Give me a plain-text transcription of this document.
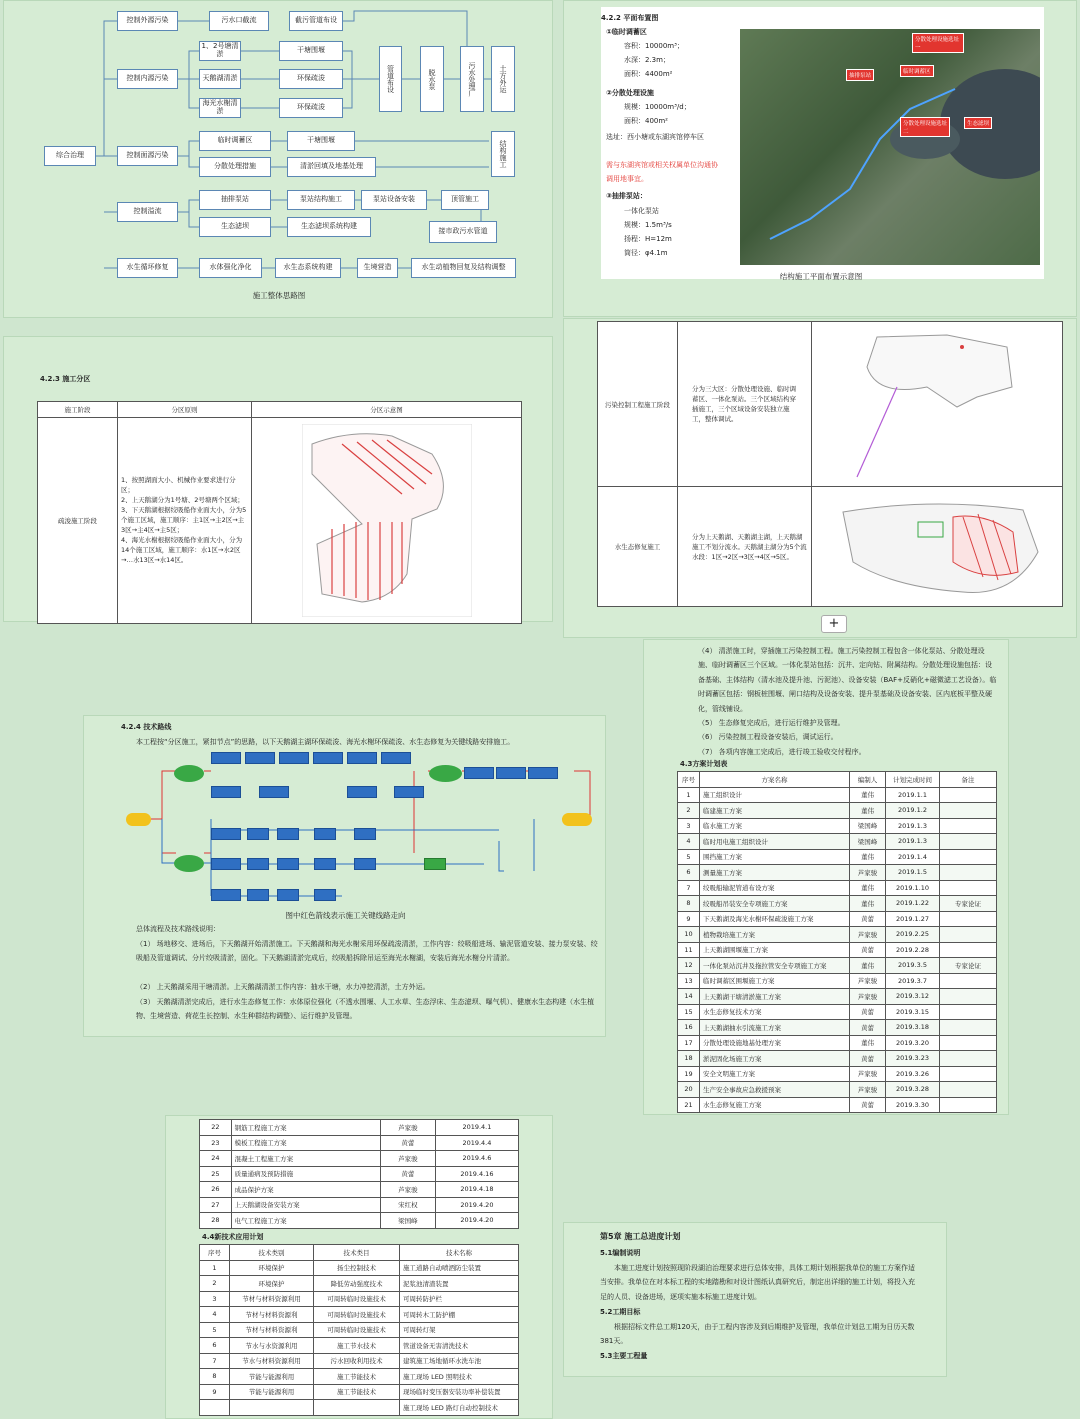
综合治理
控制外源污染
控制内源污染
控制面源污染
控制溢流
水生循坏修复
污水口截流	截污管道布设
1、2号塘清淤	干塘围堰
天鹅湖清淤	环保疏浚
海光水榭清淤	环保疏浚
管道布设	脱水泵	污水处理厂	土方外运
临时调蓄区	干塘围堰
分散处理措施	清淤回填及地基处理	结构施工
抽排泵站	泵站结构施工	泵站设备安装	顶管施工
生态滤坝	生态滤坝系统构建
接市政污水管道
水体强化净化	水生态系统构建	生境营造	水生动植物回复及结构调整
施工整体思路图
4.2.2 平面布置图
①临时调蓄区
容积：10000m³；
水深：2.3m；
面积：4400m²
②分散处理设施
规模：10000m³/d；
面积：400m²
选址：西小塘或东湖宾馆停车区
需与东湖宾馆或相关权属单位沟通协调用地事宜。
③抽排泵站：
一体化泵站
规模：1.5m³/s
扬程：H=12m
筒径：φ4.1m
分散处理设施选址一
抽排泵站
临时调蓄区
分散处理设施选址二
生态滤坝
结构施工平面布置示意图
4.2.3 施工分区
施工阶段	分区原则	分区示意图
疏浚施工阶段	1、按照湖面大小、机械作业要求进行分区；
2、上天鹅湖分为1号塘、2号塘两个区域；
3、下天鹅湖根据绞吸船作业面大小，分为5个施工区域，施工顺序：主1区→主2区→主3区→主4区→主5区；
4、海光水榭根据绞吸船作业面大小，分为14个施工区域，施工顺序：水1区→水2区→…水13区→水14区。

污染控制工程施工阶段	分为三大区：分散处理设施、临时调蓄区、一体化泵站。三个区域结构穿插施工，三个区域设备安装独立施工，整体调试。	

水生态修复施工	分为上天鹅湖、天鹅湖主湖，上天鹅湖施工不划分流水。天鹅湖主湖分为5个流水段：1区→2区→3区→4区→5区。	
+
4.2.4 技术路线
本工程按“分区施工，紧扣节点”的思路，以下天鹅湖主湖环保疏浚、海光水榭环保疏浚、水生态修复为关键线路安排施工。
图中红色箭线表示施工关键线路走向
总体流程及技术路线说明：
（1） 场地移交、进场后，下天鹅湖开始清淤施工。下天鹅湖和海光水榭采用环保疏浚清淤，工作内容：绞吸船进场、输泥管道安装、接力泵安装、绞吸船及管道调试、分片绞吸清淤，固化。下天鹅湖清淤完成后，绞吸船拆除吊运至海光水榭湖，安装后海光水榭分片清淤。
（2） 上天鹅湖采用干塘清淤。上天鹅湖清淤工作内容：抽水干塘，水力冲挖清淤，土方外运。
（3） 天鹅湖清淤完成后，进行水生态修复工作：水体原位强化（不透水围堰、人工水草、生态浮床、生态滤坝、曝气机）、健康水生态构建（水生植物、生境营造、荷花生长控制、水生种群结构调整）、运行维护及管理。
（4） 清淤施工时，穿插施工污染控制工程。施工污染控制工程包含一体化泵站、分散处理设施、临时调蓄区三个区域。一体化泵站包括：沉井、定向钻、附属结构。分散处理设施包括：设备基础、主体结构（清水池及提升池、污泥池）、设备安装（BAF+反硝化+磁微滤工艺设备）。临时调蓄区包括：钢板桩围堰、闸口结构及设备安装、提升泵基础及设备安装、区内底板平整及硬化，管线铺设。
（5） 生态修复完成后，进行运行维护及管理。
（6） 污染控制工程设备安装后，调试运行。
（7） 各项内容施工完成后，进行竣工验收交付程序。
4.3方案计划表
序号	方案名称	编制人	计划完成时间	备注
1	施工组织设计	董伟	2019.1.1	
2	临建施工方案	董伟	2019.1.2	
3	临水施工方案	梁国峰	2019.1.3	
4	临时用电施工组织设计	梁国峰	2019.1.3	
5	围挡施工方案	董伟	2019.1.4	
6	测量施工方案	芦家骏	2019.1.5	
7	绞吸船输泥管道布设方案	董伟	2019.1.10	
8	绞吸船吊装安全专项施工方案	董伟	2019.1.22	专家论证
9	下天鹅湖及海光水榭环保疏浚施工方案	黄蕾	2019.1.27	
10	植物栽培施工方案	芦家骏	2019.2.25	
11	上天鹅湖围堰施工方案	黄蕾	2019.2.28	
12	一体化泵站沉井及拖拉管安全专项施工方案	董伟	2019.3.5	专家论证
13	临时调蓄区围堰施工方案	芦家骏	2019.3.7	
14	上天鹅湖干塘清淤施工方案	芦家骏	2019.3.12	
15	水生态修复技术方案	黄蕾	2019.3.15	
16	上天鹅湖抽水引流施工方案	黄蕾	2019.3.18	
17	分散处理设施地基处理方案	董伟	2019.3.20	
18	淤泥固化场施工方案	黄蕾	2019.3.23	
19	安全文明施工方案	芦家骏	2019.3.26	
20	生产安全事故应急救援预案	芦家骏	2019.3.28	
21	水生态修复施工方案	黄蕾	2019.3.30	
22	钢筋工程施工方案	芦家骏	2019.4.1
23	模板工程施工方案	黄蕾	2019.4.4
24	混凝土工程施工方案	芦家骏	2019.4.6
25	质量通病及预防措施	黄蕾	2019.4.16
26	成品保护方案	芦家骏	2019.4.18
27	上天鹅湖设备安装方案	宋红权	2019.4.20
28	电气工程施工方案	梁国峰	2019.4.20
4.4新技术应用计划
序号	技术类别	技术类目	技术名称
1	环境保护	扬尘控制技术	施工道路自动喷洒防尘装置
2	环境保护	降低劳动强度技术	泥浆池清渣装置
3	节材与材料资源利用	可周转临时设施技术	可周转防护栏
4	节材与材料资源利	可周转临时设施技术	可周转木工防护棚
5	节材与材料资源利	可周转临时设施技术	可周转灯架
6	节水与水资源利用	施工节水技术	管道设备无害清洗技术
7	节水与材料资源利用	污水回收利用技术	建筑施工场地循环水洗车池
8	节能与能源利用	施工节能技术	施工现场 LED 照明技术
9	节能与能源利用	施工节能技术	现场临时变压器安装功率补偿装置
			施工现场 LED 路灯自动控制技术
第5章 施工总进度计划
5.1编制说明
本施工进度计划按照现阶段湖泊治理要求进行总体安排，具体工期计划根据我单位的施工方案作适当安排。我单位在对本标工程的实地踏勘和对设计图纸认真研究后，制定出详细的施工计划，将投入充足的人员、设备进场，逐项实施本标施工进度计划。
5.2工期目标
根据招标文件总工期120天，由于工程内容涉及到后期维护及管理，我单位计划总工期为日历天数381天。
5.3主要工程量
